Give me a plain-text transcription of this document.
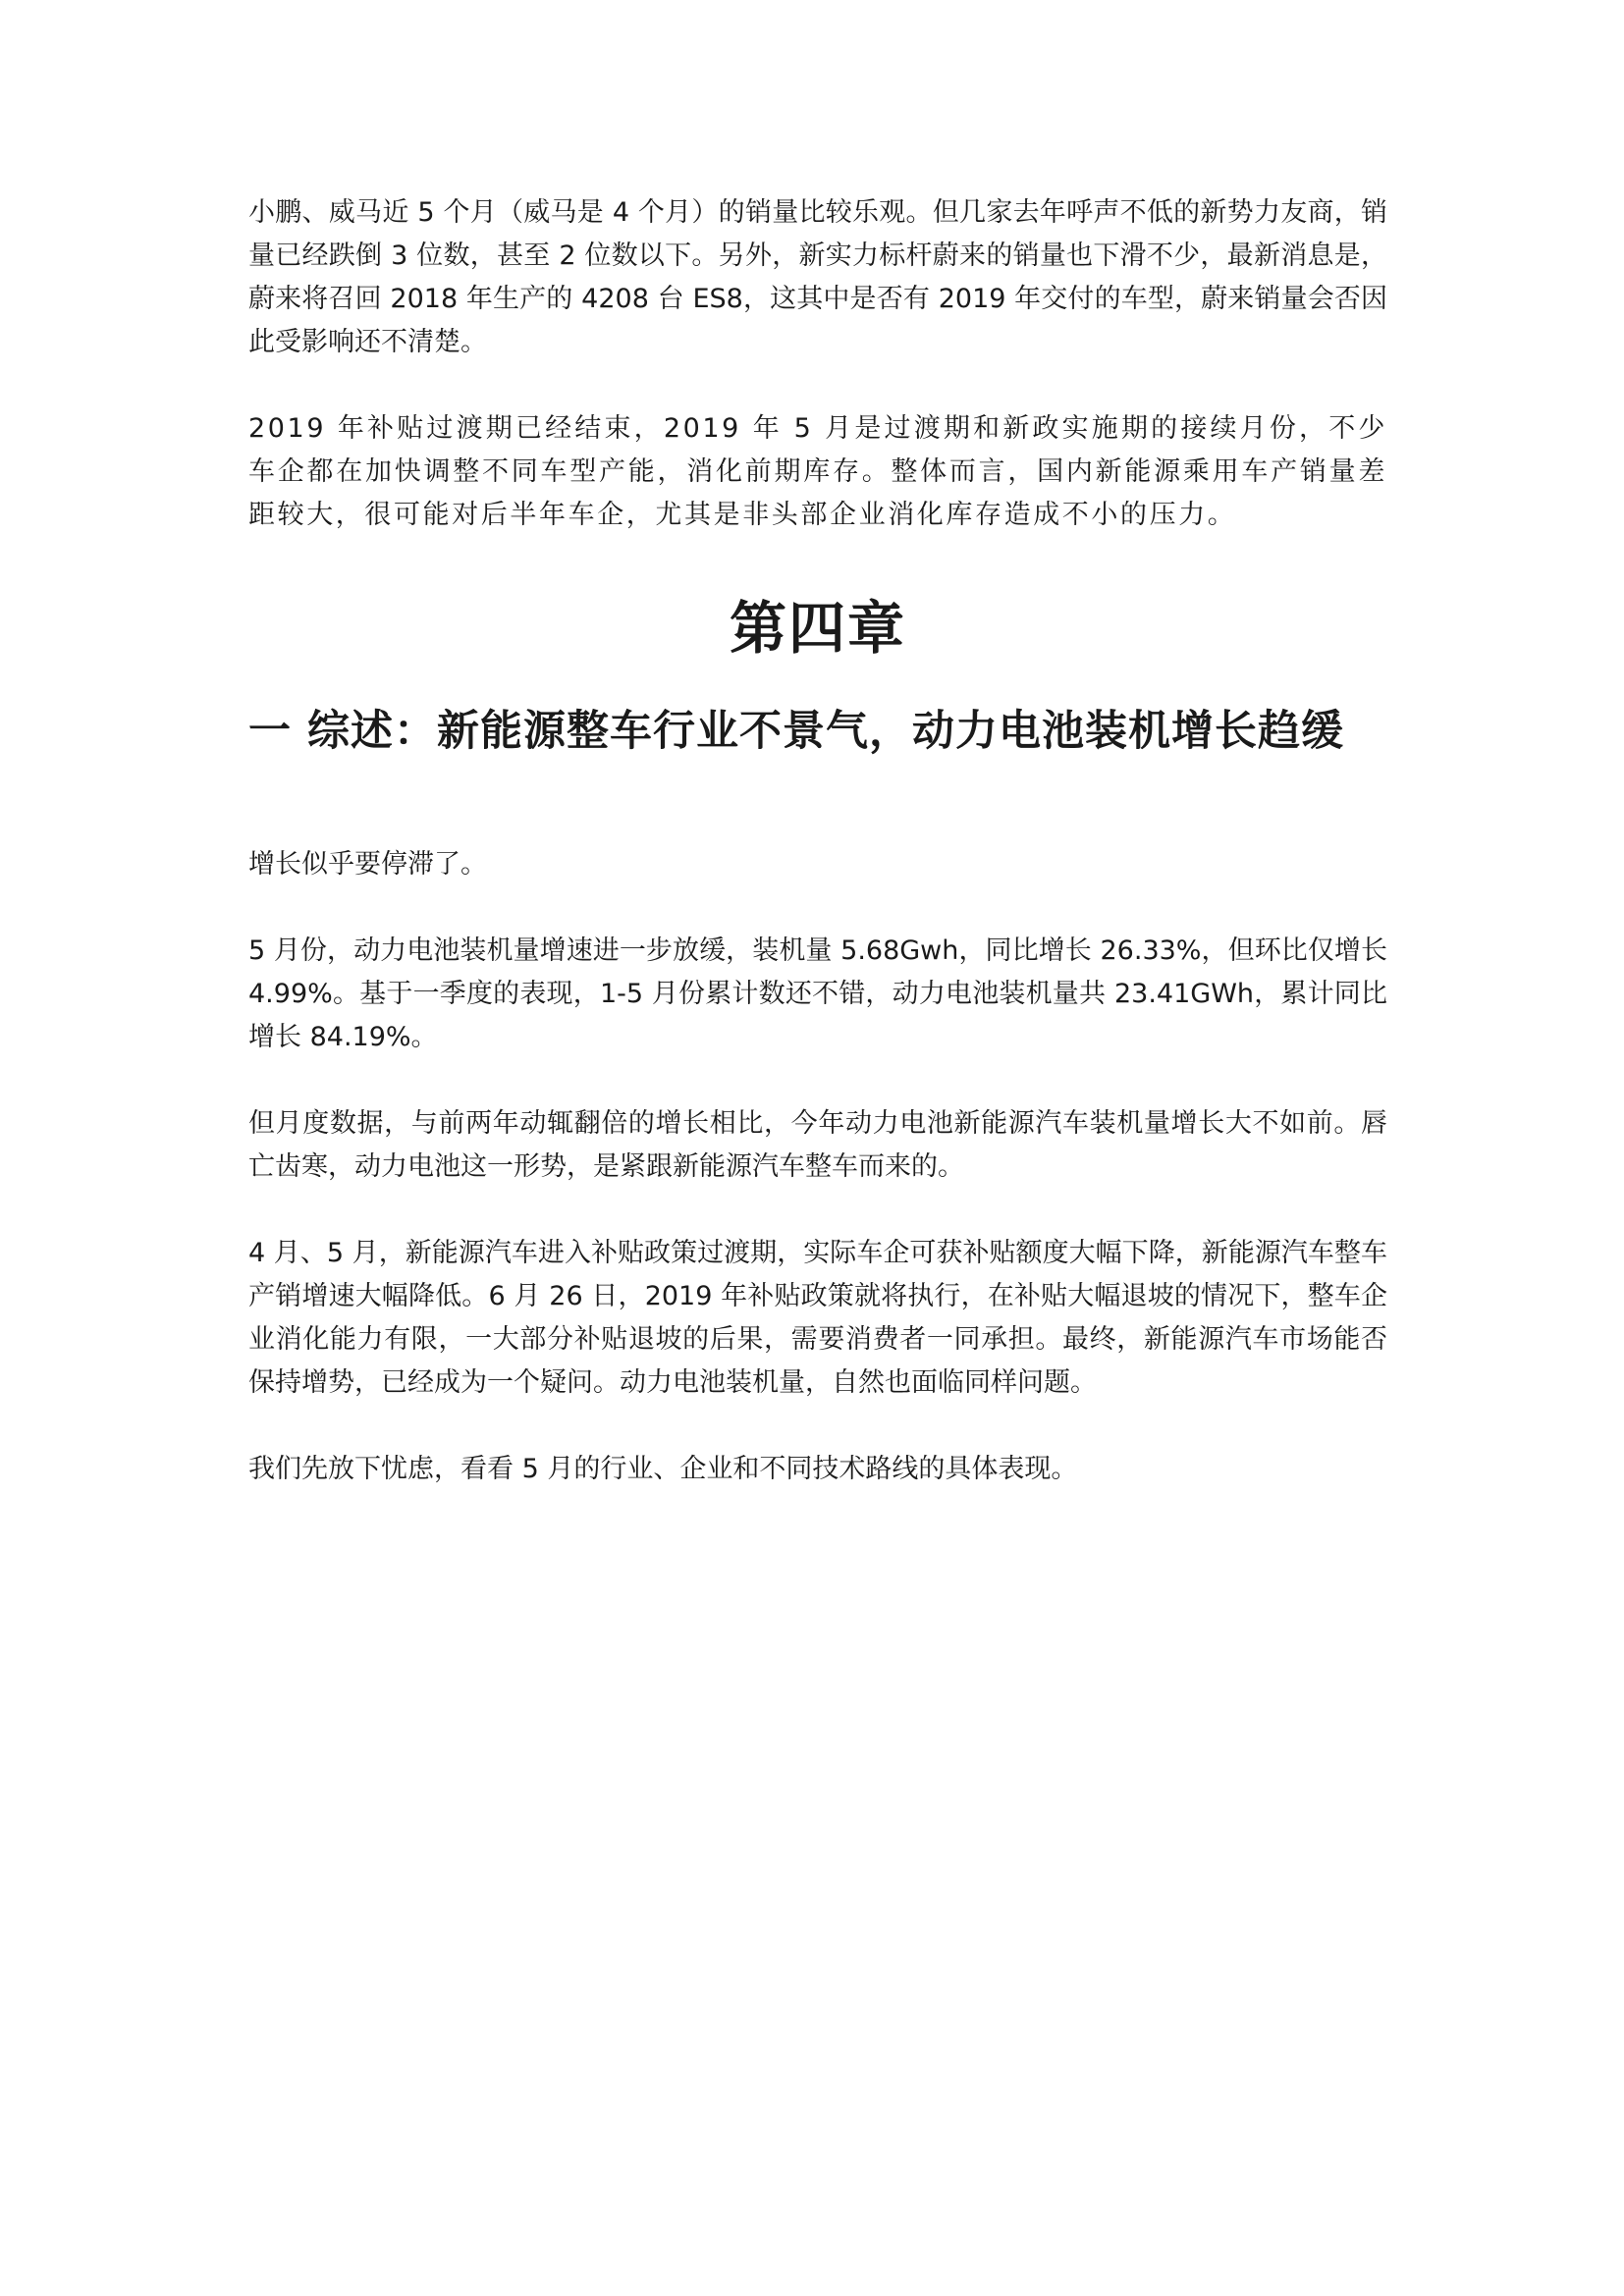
小鹏、威马近 5 个月（威马是 4 个月）的销量比较乐观。但几家去年呼声不低的新势力友商，销量已经跌倒 3 位数，甚至 2 位数以下。另外，新实力标杆蔚来的销量也下滑不少，最新消息是，蔚来将召回 2018 年生产的 4208 台 ES8，这其中是否有 2019 年交付的车型，蔚来销量会否因此受影响还不清楚。

2019 年补贴过渡期已经结束，2019 年 5 月是过渡期和新政实施期的接续月份，不少车企都在加快调整不同车型产能，消化前期库存。整体而言，国内新能源乘用车产销量差距较大，很可能对后半年车企，尤其是非头部企业消化库存造成不小的压力。

第四章
一 综述：新能源整车行业不景气，动力电池装机增长趋缓

增长似乎要停滞了。

5 月份，动力电池装机量增速进一步放缓，装机量 5.68Gwh，同比增长 26.33%，但环比仅增长 4.99%。基于一季度的表现，1-5 月份累计数还不错，动力电池装机量共 23.41GWh，累计同比增长 84.19%。

但月度数据，与前两年动辄翻倍的增长相比，今年动力电池新能源汽车装机量增长大不如前。唇亡齿寒，动力电池这一形势，是紧跟新能源汽车整车而来的。

4 月、5 月，新能源汽车进入补贴政策过渡期，实际车企可获补贴额度大幅下降，新能源汽车整车产销增速大幅降低。6 月 26 日，2019 年补贴政策就将执行，在补贴大幅退坡的情况下，整车企业消化能力有限，一大部分补贴退坡的后果，需要消费者一同承担。最终，新能源汽车市场能否保持增势，已经成为一个疑问。动力电池装机量，自然也面临同样问题。

我们先放下忧虑，看看 5 月的行业、企业和不同技术路线的具体表现。
